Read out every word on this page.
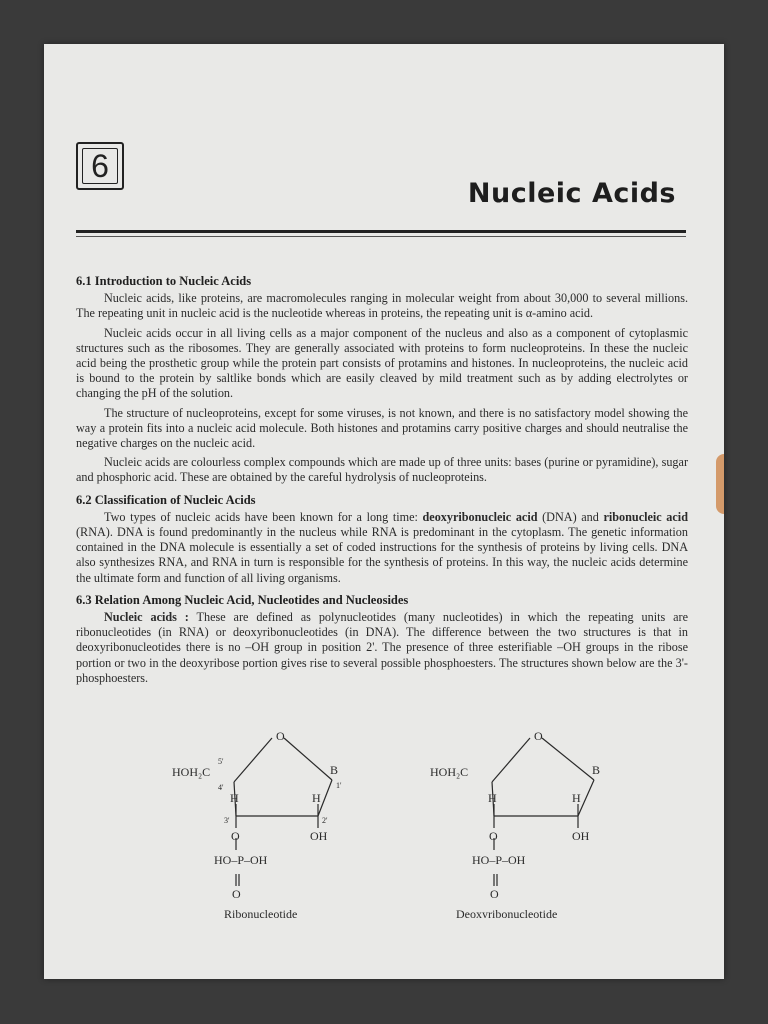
6
Nucleic Acids
6.1 Introduction to Nucleic Acids

Nucleic acids, like proteins, are macromolecules ranging in molecular weight from about 30,000 to several millions. The repeating unit in nucleic acid is the nucleotide whereas in proteins, the repeating unit is α-amino acid.

Nucleic acids occur in all living cells as a major component of the nucleus and also as a component of cytoplasmic structures such as the ribosomes. They are generally associated with proteins to form nucleoproteins. In these the nucleic acid being the prosthetic group while the protein part consists of protamins and histones. In nucleoproteins, the nucleic acid is bound to the protein by saltlike bonds which are easily cleaved by mild treatment such as by adding electrolytes or changing the pH of the solution.

The structure of nucleoproteins, except for some viruses, is not known, and there is no satisfactory model showing the way a protein fits into a nucleic acid molecule. Both histones and protamins carry positive charges and should neutralise the negative charges on the nucleic acid.

Nucleic acids are colourless complex compounds which are made up of three units: bases (purine or pyramidine), sugar and phosphoric acid. These are obtained by the careful hydrolysis of nucleoproteins.

6.2 Classification of Nucleic Acids

Two types of nucleic acids have been known for a long time: deoxyribonucleic acid (DNA) and ribonucleic acid (RNA). DNA is found predominantly in the nucleus while RNA is predominant in the cytoplasm. The genetic information contained in the DNA molecule is essentially a set of coded instructions for the synthesis of proteins by living cells. DNA also synthesizes RNA, and RNA in turn is responsible for the synthesis of proteins. In this way, the nucleic acids determine the ultimate form and function of all living organisms.

6.3 Relation Among Nucleic Acid, Nucleotides and Nucleosides

Nucleic acids : These are defined as polynucleotides (many nucleotides) in which the repeating units are ribonucleotides (in RNA) or deoxyribonucleotides (in DNA). The difference between the two structures is that in deoxyribonucleotides there is no –OH group in position 2'. The presence of three esterifiable –OH groups in the ribose portion or two in the deoxyribose portion gives rise to several possible phosphoesters. The structures shown below are the 3'-phosphoesters.

O
HOH₂C
5'
4'
3'	2'
1'
B
H	H
OH
O
HO–P–OH
O
Ribonucleotide
O
HOH₂C	B
H	H
OH
O
HO–P–OH
O
Deoxyribonucleotide
